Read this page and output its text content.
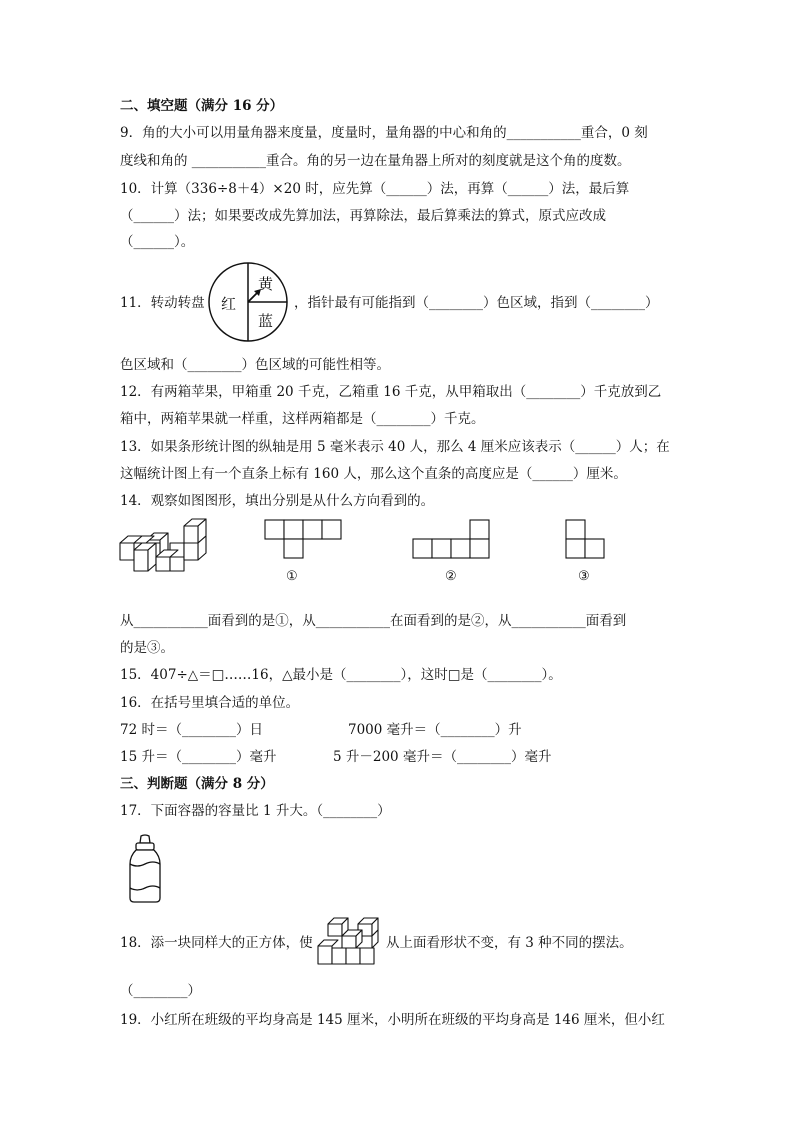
二、填空题（满分 16 分）
9．角的大小可以用量角器来度量，度量时，量角器的中心和角的___________重合，0 刻
度线和角的 ___________重合。角的另一边在量角器上所对的刻度就是这个角的度数。
10．计算（336÷8＋4）×20 时，应先算（______）法，再算（______）法，最后算
（______）法；如果要改成先算加法，再算除法，最后算乘法的算式，原式应改成
（______）。
11．转动转盘 红
黄
蓝
，指针最有可能指到（________）色区域，指到（________）
色区域和（________）色区域的可能性相等。
12．有两箱苹果，甲箱重 20 千克，乙箱重 16 千克，从甲箱取出（________）千克放到乙
箱中，两箱苹果就一样重，这样两箱都是（________）千克。
13．如果条形统计图的纵轴是用 5 毫米表示 40 人，那么 4 厘米应该表示（______）人；在
这幅统计图上有一个直条上标有 160 人，那么这个直条的高度应是（______）厘米。
14．观察如图图形，填出分别是从什么方向看到的。
①	②	③
从___________面看到的是①，从___________在面看到的是②，从___________面看到
的是③。
15．407÷△＝□……16，△最小是（________），这时□是（________）。
16．在括号里填合适的单位。
72 时＝（________）日	7000 毫升＝（________）升
15 升＝（________）毫升	5 升－200 毫升＝（________）毫升
三、判断题（满分 8 分）
17．下面容器的容量比 1 升大。（________）
18．添一块同样大的正方体，使	从上面看形状不变，有 3 种不同的摆法。
（________）
19．小红所在班级的平均身高是 145 厘米，小明所在班级的平均身高是 146 厘米，但小红
